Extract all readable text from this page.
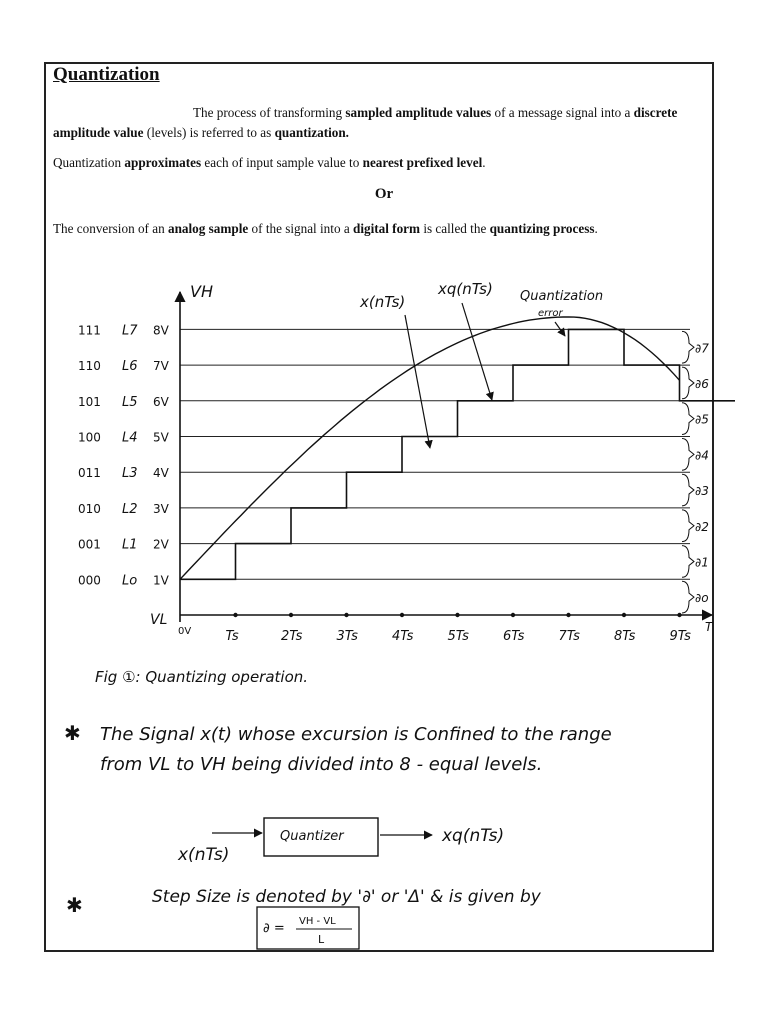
Quantization
The process of transforming sampled amplitude values of a message signal into a discrete amplitude value (levels) is referred to as quantization.
Quantization approximates each of input sample value to nearest prefixed level.
Or
The conversion of an analog sample of the signal into a digital form is called the quantizing process.
VH
VL
0V	T
000 Lo 1V
001 L1 2V
010 L2 3V
011 L3 4V
100 L4 5V
101 L5 6V
110 L6 7V
111 L7 8V
Ts	2Ts	3Ts	4Ts	5Ts	6Ts	7Ts	8Ts	9Ts
∂o
∂1
∂2
∂3
∂4
∂5
∂6
∂7
x(nTs)
xq(nTs) Quantization
error
Fig ①: Quantizing operation.
✱ The Signal x(t) whose excursion is Confined to the range
from VL to VH being divided into 8 - equal levels.
x(nTs)
Quantizer	xq(nTs)
✱	Step Size is denoted by '∂' or 'Δ' & is given by
∂ = VH - VL
L
